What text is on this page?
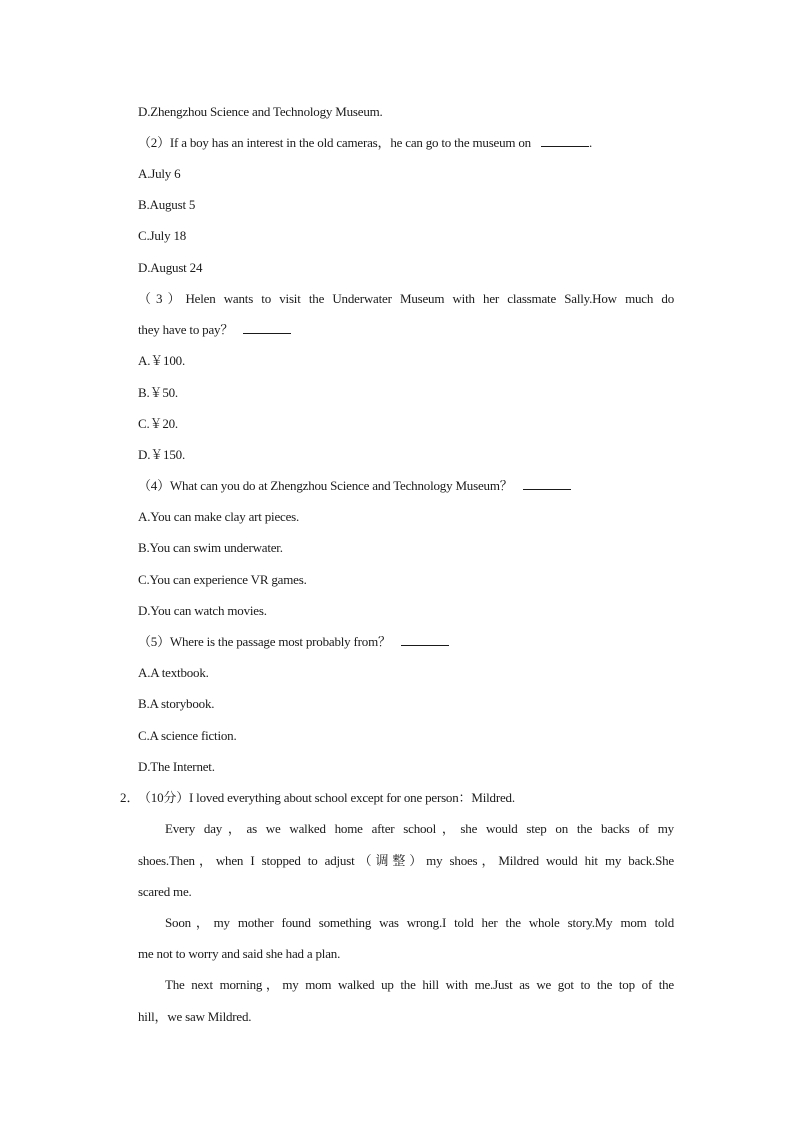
D.Zhengzhou Science and Technology Museum.
（2）If a boy has an interest in the old cameras，he can go to the museum on	.
A.July 6
B.August 5
C.July 18
D.August 24
（3）Helen wants to visit the Underwater Museum with her classmate Sally.How much do
they have to pay？
A.￥100.
B.￥50.
C.￥20.
D.￥150.
（4）What can you do at Zhengzhou Science and Technology Museum？
A.You can make clay art pieces.
B.You can swim underwater.
C.You can experience VR games.
D.You can watch movies.
（5）Where is the passage most probably from？
A.A textbook.
B.A storybook.
C.A science fiction.
D.The Internet.
2．
（10分）I loved everything about school except for one person：Mildred.
Every day，as we walked home after school，she would step on the backs of my
shoes.Then，when I stopped to adjust（调整）my shoes，Mildred would hit my back.She
scared me.
Soon，my mother found something was wrong.I told her the whole story.My mom told
me not to worry and said she had a plan.
The next morning，my mom walked up the hill with me.Just as we got to the top of the
hill，we saw Mildred.
